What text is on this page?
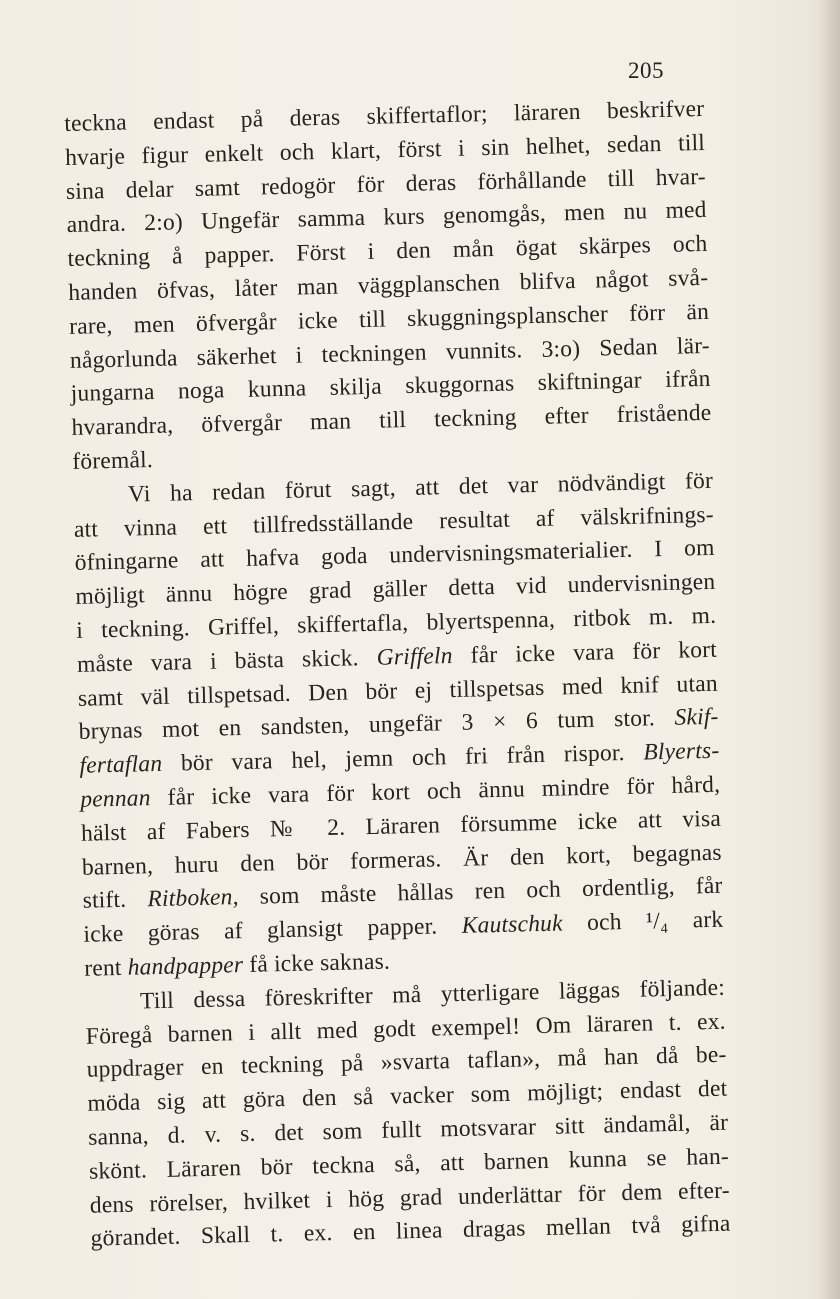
205
teckna endast på deras skiffertaflor; läraren beskrifver
hvarje figur enkelt och klart, först i sin helhet, sedan till
sina delar samt redogör för deras förhållande till hvar-
andra. 2:o) Ungefär samma kurs genomgås, men nu med
teckning å papper. Först i den mån ögat skärpes och
handen öfvas, låter man väggplanschen blifva något svå-
rare, men öfvergår icke till skuggningsplanscher förr än
någorlunda säkerhet i teckningen vunnits. 3:o) Sedan lär-
jungarna noga kunna skilja skuggornas skiftningar ifrån
hvarandra, öfvergår man till teckning efter fristående
föremål.
Vi ha redan förut sagt, att det var nödvändigt för
att vinna ett tillfredsställande resultat af välskrifnings-
öfningarne att hafva goda undervisningsmaterialier. I om
möjligt ännu högre grad gäller detta vid undervisningen
i teckning. Griffel, skiffertafla, blyertspenna, ritbok m. m.
måste vara i bästa skick. Griffeln får icke vara för kort
samt väl tillspetsad. Den bör ej tillspetsas med knif utan
brynas mot en sandsten, ungefär 3 × 6 tum stor. Skif-
fertaflan bör vara hel, jemn och fri från rispor. Blyerts-
pennan får icke vara för kort och ännu mindre för hård,
hälst af Fabers № 2. Läraren försumme icke att visa
barnen, huru den bör formeras. Är den kort, begagnas
stift. Ritboken, som måste hållas ren och ordentlig, får
icke göras af glansigt papper. Kautschuk och ¹/₄ ark
rent handpapper få icke saknas.
Till dessa föreskrifter må ytterligare läggas följande:
Föregå barnen i allt med godt exempel! Om läraren t. ex.
uppdrager en teckning på »svarta taflan», må han då be-
möda sig att göra den så vacker som möjligt; endast det
sanna, d. v. s. det som fullt motsvarar sitt ändamål, är
skönt. Läraren bör teckna så, att barnen kunna se han-
dens rörelser, hvilket i hög grad underlättar för dem efter-
görandet. Skall t. ex. en linea dragas mellan två gifna
